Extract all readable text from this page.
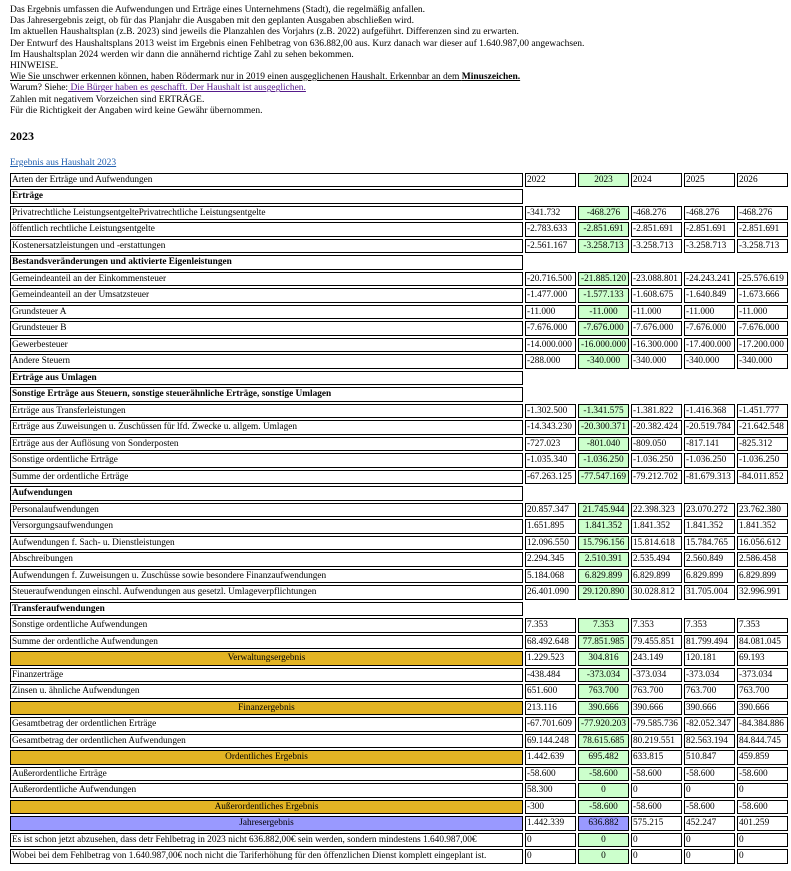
Das Ergebnis umfassen die Aufwendungen und Erträge eines Unternehmens (Stadt), die regelmäßig anfallen.

Das Jahresergebnis zeigt, ob für das Planjahr die Ausgaben mit den geplanten Ausgaben abschließen wird.

Im aktuellen Haushaltsplan (z.B. 2023) sind jeweils die Planzahlen des Vorjahrs (z.B. 2022) aufgeführt. Differenzen sind zu erwarten.

Der Entwurf des Haushaltsplans 2013 weist im Ergebnis einen Fehlbetrag von 636.882,00 aus. Kurz danach war dieser auf 1.640.987,00 angewachsen.

Im Haushaltsplan 2024 werden wir dann die annähernd richtige Zahl zu sehen bekommen.

HINWEISE.

Wie Sie unschwer erkennen können, haben Rödermark nur in 2019 einen ausgeglichenen Haushalt. Erkennbar an dem Minuszeichen.

Warum? Siehe: Die Bürger haben es geschafft. Der Haushalt ist ausgeglichen.

Zahlen mit negativem Vorzeichen sind ERTRÄGE.

Für die Richtigkeit der Angaben wird keine Gewähr übernommen.

2023
Ergebnis aus Haushalt 2023
Arten der Erträge und Aufwendungen	2022	2023	2024	2025	2026
Erträge					
Privatrechtliche LeistungsentgeltePrivatrechtliche Leistungsentgelte	-341.732	-468.276	-468.276	-468.276	-468.276
öffentlich rechtliche Leistungsentgelte	-2.783.633	-2.851.691	-2.851.691	-2.851.691	-2.851.691
Kostenersatzleistungen und -erstattungen	-2.561.167	-3.258.713	-3.258.713	-3.258.713	-3.258.713
Bestandsveränderungen und aktivierte Eigenleistungen					
Gemeindeanteil an der Einkommensteuer	-20.716.500	-21.885.120	-23.088.801	-24.243.241	-25.576.619
Gemeindeanteil an der Umsatzsteuer	-1.477.000	-1.577.133	-1.608.675	-1.640.849	-1.673.666
Grundsteuer A	-11.000	-11.000	-11.000	-11.000	-11.000
Grundsteuer B	-7.676.000	-7.676.000	-7.676.000	-7.676.000	-7.676.000
Gewerbesteuer	-14.000.000	-16.000.000	-16.300.000	-17.400.000	-17.200.000
Andere Steuern	-288.000	-340.000	-340.000	-340.000	-340.000
Erträge aus Umlagen					
Sonstige Erträge aus Steuern, sonstige steuerähnliche Erträge, sonstige Umlagen					
Erträge aus Transferleistungen	-1.302.500	-1.341.575	-1.381.822	-1.416.368	-1.451.777
Erträge aus Zuweisungen u. Zuschüssen für lfd. Zwecke u. allgem. Umlagen	-14.343.230	-20.300.371	-20.382.424	-20.519.784	-21.642.548
Erträge aus der Auflösung von Sonderposten	-727.023	-801.040	-809.050	-817.141	-825.312
Sonstige ordentliche Erträge	-1.035.340	-1.036.250	-1.036.250	-1.036.250	-1.036.250
Summe der ordentliche Erträge	-67.263.125	-77.547.169	-79.212.702	-81.679.313	-84.011.852
Aufwendungen					
Personalaufwendungen	20.857.347	21.745.944	22.398.323	23.070.272	23.762.380
Versorgungsaufwendungen	1.651.895	1.841.352	1.841.352	1.841.352	1.841.352
Aufwendungen f. Sach- u. Dienstleistungen	12.096.550	15.796.156	15.814.618	15.784.765	16.056.612
Abschreibungen	2.294.345	2.510.391	2.535.494	2.560.849	2.586.458
Aufwendungen f. Zuweisungen u. Zuschüsse sowie besondere Finanzaufwendungen	5.184.068	6.829.899	6.829.899	6.829.899	6.829.899
Steueraufwendungen einschl. Aufwendungen aus gesetzl. Umlageverpflichtungen	26.401.090	29.120.890	30.028.812	31.705.004	32.996.991
Transferaufwendungen					
Sonstige ordentliche Aufwendungen	7.353	7.353	7.353	7.353	7.353
Summe der ordentliche Aufwendungen	68.492.648	77.851.985	79.455.851	81.799.494	84.081.045
Verwaltungsergebnis	1.229.523	304.816	243.149	120.181	69.193
Finanzerträge	-438.484	-373.034	-373.034	-373.034	-373.034
Zinsen u. ähnliche Aufwendungen	651.600	763.700	763.700	763.700	763.700
Finanzergebnis	213.116	390.666	390.666	390.666	390.666
Gesamtbetrag der ordentlichen Erträge	-67.701.609	-77.920.203	-79.585.736	-82.052.347	-84.384.886
Gesamtbetrag der ordentlichen Aufwendungen	69.144.248	78.615.685	80.219.551	82.563.194	84.844.745
Ordentliches Ergebnis	1.442.639	695.482	633.815	510.847	459.859
Außerordentliche Erträge	-58.600	-58.600	-58.600	-58.600	-58.600
Außerordentliche Aufwendungen	58.300	0	0	0	0
Außerordentliches Ergebnis	-300	-58.600	-58.600	-58.600	-58.600
Jahresergebnis	1.442.339	636.882	575.215	452.247	401.259
Es ist schon jetzt abzusehen, dass detr Fehlbetrag in 2023 nicht 636.882,00€ sein werden, sondern mindestens 1.640.987,00€	0	0	0	0	0
Wobei bei dem Fehlbetrag von 1.640.987,00€ noch nicht die Tariferhöhung für den öffenzlichen Dienst komplett eingeplant ist.	0	0	0	0	0
